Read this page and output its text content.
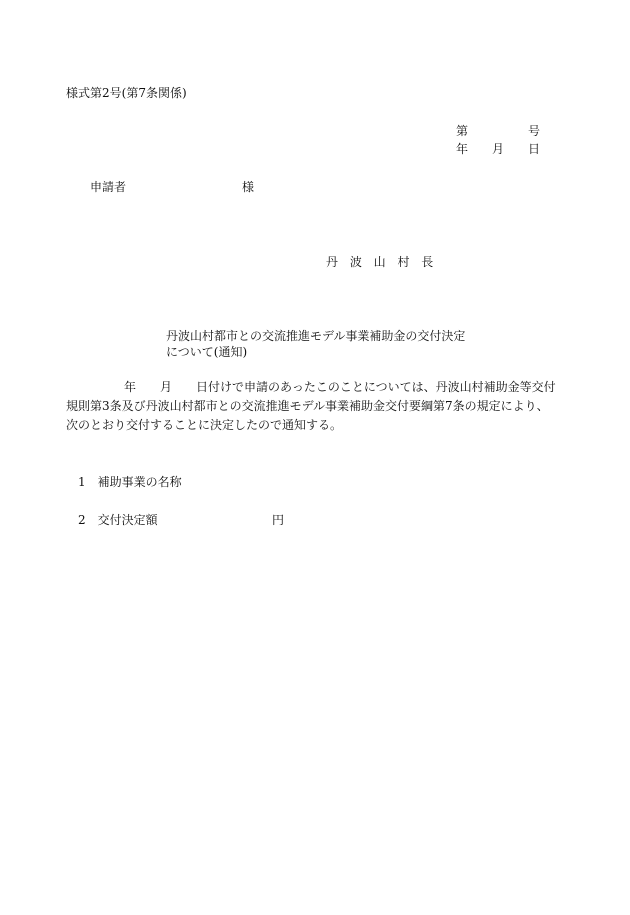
様式第2号(第7条関係)
第	号
年 月 日
申請者	様
丹 波 山 村 長
丹波山村都市との交流推進モデル事業補助金の交付決定
について(通知)
年 月 日付けで申請のあったこのことについては、丹波山村補助金等交付
規則第3条及び丹波山村都市との交流推進モデル事業補助金交付要綱第7条の規定により、
次のとおり交付することに決定したので通知する。
1 補助事業の名称
2 交付決定額	円
